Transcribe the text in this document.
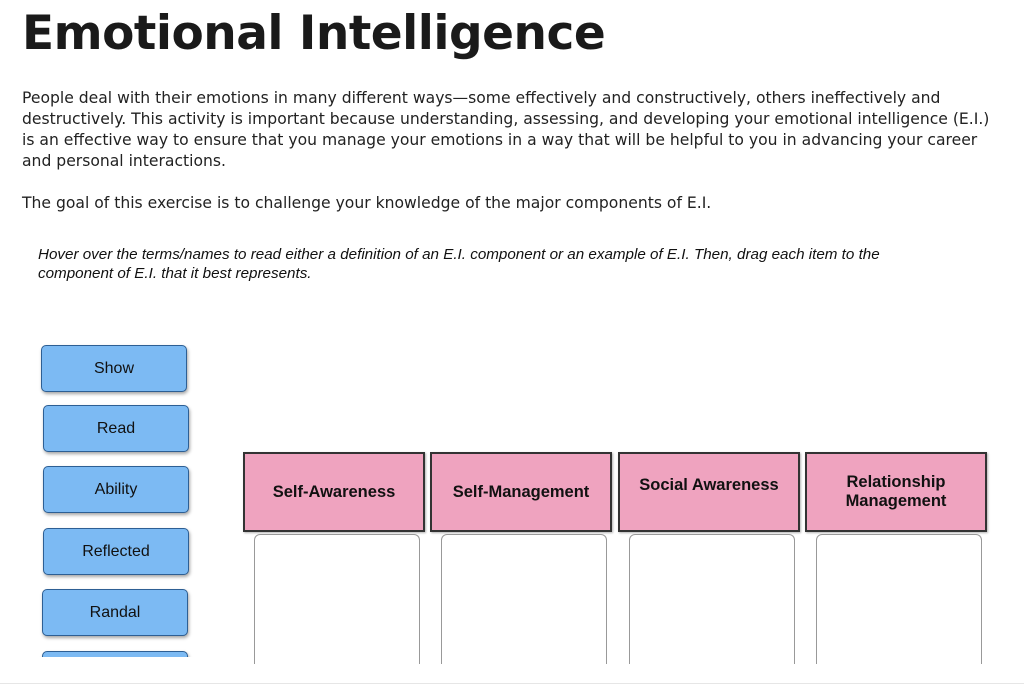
Emotional Intelligence

People deal with their emotions in many different ways—some effectively and constructively, others ineffectively and destructively. This activity is important because understanding, assessing, and developing your emotional intelligence (E.I.) is an effective way to ensure that you manage your emotions in a way that will be helpful to you in advancing your career and personal interactions.

The goal of this exercise is to challenge your knowledge of the major components of E.I.

Hover over the terms/names to read either a definition of an E.I. component or an example of E.I. Then, drag each item to the component of E.I. that it best represents.

Show
Read
Ability
Reflected
Randal
Self-Awareness	Self-Management	Social Awareness	Relationship Management
